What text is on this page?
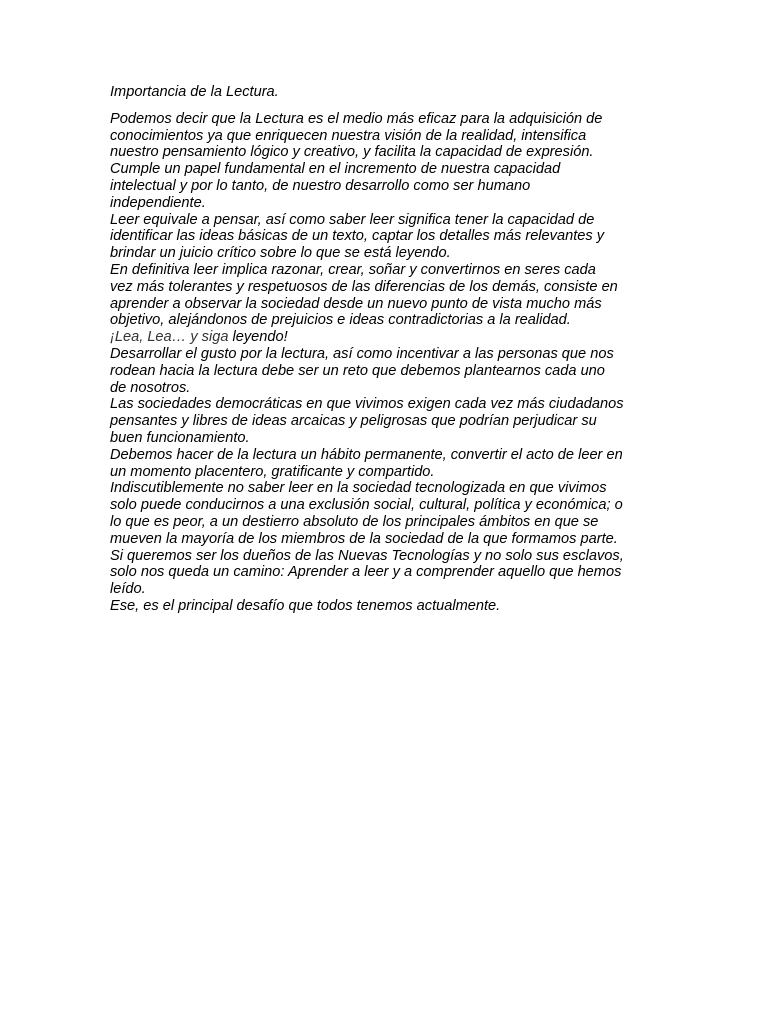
Importancia de la Lectura.
Podemos decir que la Lectura es el medio más eficaz para la adquisición de
conocimientos ya que enriquecen nuestra visión de la realidad, intensifica
nuestro pensamiento lógico y creativo, y facilita la capacidad de expresión.
Cumple un papel fundamental en el incremento de nuestra capacidad
intelectual y por lo tanto, de nuestro desarrollo como ser humano
independiente.
Leer equivale a pensar, así como saber leer significa tener la capacidad de
identificar las ideas básicas de un texto, captar los detalles más relevantes y
brindar un juicio crítico sobre lo que se está leyendo.
En definitiva leer implica razonar, crear, soñar y convertirnos en seres cada
vez más tolerantes y respetuosos de las diferencias de los demás, consiste en
aprender a observar la sociedad desde un nuevo punto de vista mucho más
objetivo, alejándonos de prejuicios e ideas contradictorias a la realidad.
¡Lea, Lea… y siga leyendo!
Desarrollar el gusto por la lectura, así como incentivar a las personas que nos
rodean hacia la lectura debe ser un reto que debemos plantearnos cada uno
de nosotros.
Las sociedades democráticas en que vivimos exigen cada vez más ciudadanos
pensantes y libres de ideas arcaicas y peligrosas que podrían perjudicar su
buen funcionamiento.
Debemos hacer de la lectura un hábito permanente, convertir el acto de leer en
un momento placentero, gratificante y compartido.
Indiscutiblemente no saber leer en la sociedad tecnologizada en que vivimos
solo puede conducirnos a una exclusión social, cultural, política y económica; o
lo que es peor, a un destierro absoluto de los principales ámbitos en que se
mueven la mayoría de los miembros de la sociedad de la que formamos parte.
Si queremos ser los dueños de las Nuevas Tecnologías y no solo sus esclavos,
solo nos queda un camino: Aprender a leer y a comprender aquello que hemos
leído.
Ese, es el principal desafío que todos tenemos actualmente.
